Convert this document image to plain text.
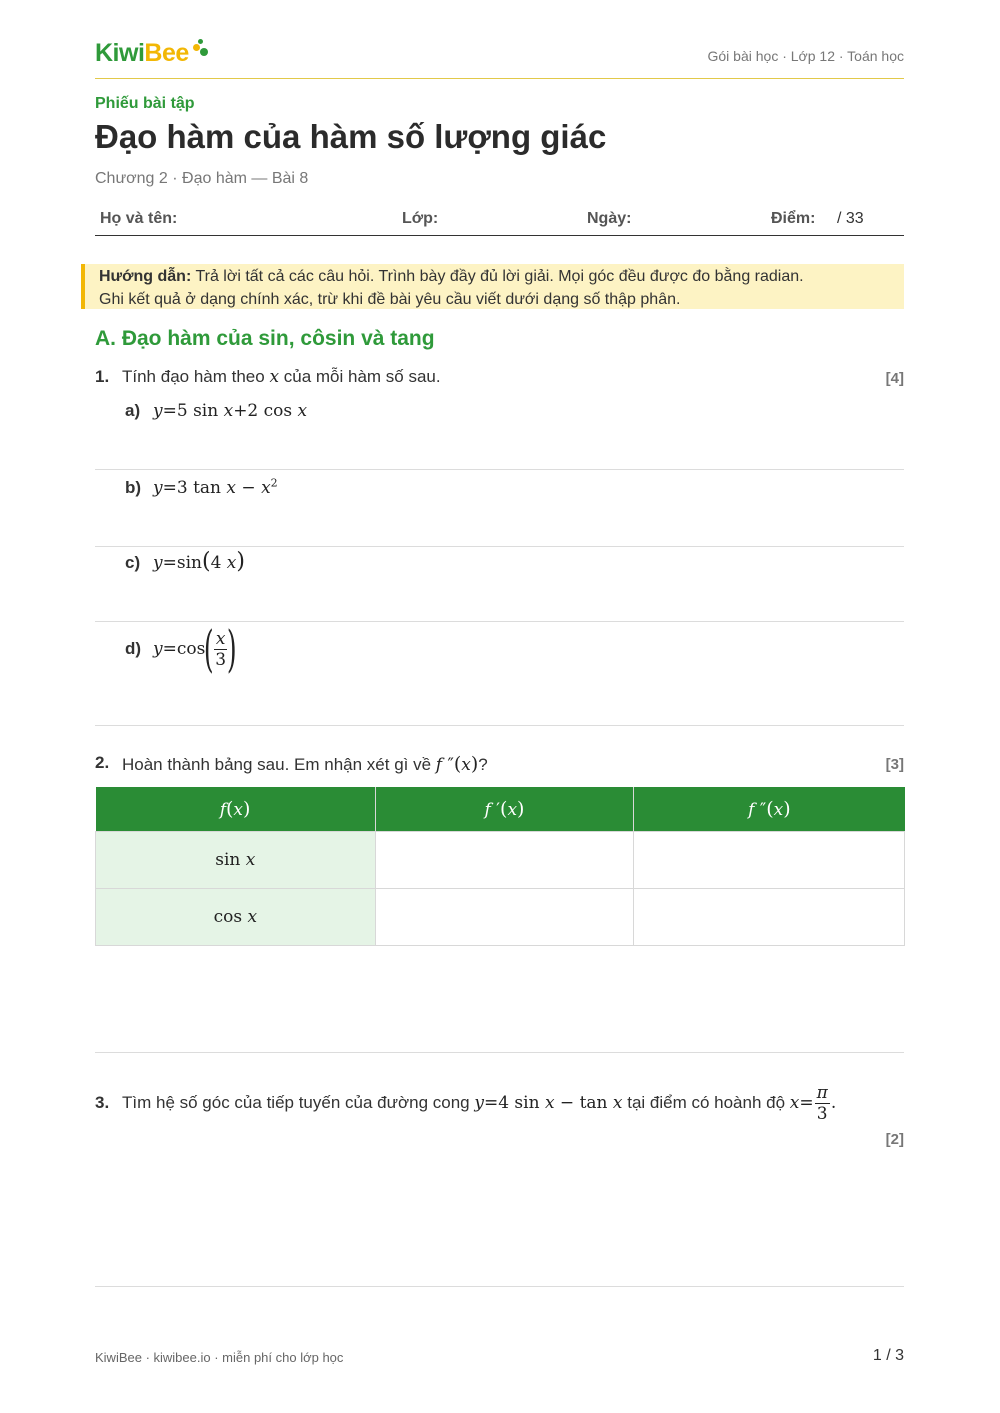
KiwiBee	Gói bài học · Lớp 12 · Toán học
Phiếu bài tập
Đạo hàm của hàm số lượng giác
Chương 2 · Đạo hàm — Bài 8
Họ và tên:	Lớp:	Ngày:	Điểm: / 33
Hướng dẫn: Trả lời tất cả các câu hỏi. Trình bày đầy đủ lời giải. Mọi góc đều được đo bằng radian.
Ghi kết quả ở dạng chính xác, trừ khi đề bài yêu cầu viết dưới dạng số thập phân.
A. Đạo hàm của sin, côsin và tang
1. Tính đạo hàm theo x của mỗi hàm số sau.	[4]
a) y=5 sin x+2 cos x
b) y=3 $\tan x - x^2$
c) y=sin(4 x)
d) $y=\cos( \frac{x}{3}$ )
2. Hoàn thành bảng sau. Em nhận xét gì về f ″(x)?	[3]
f(x)	f ′(x)	f ″(x)
sin x		
cos x		
3. Tìm hệ số góc của tiếp tuyến của đường cong y=4 sin x − tan x tại điểm có hoành độ $x= \frac{\pi}{3}$ .
[2]
KiwiBee · kiwibee.io · miễn phí cho lớp học	1 / 3
